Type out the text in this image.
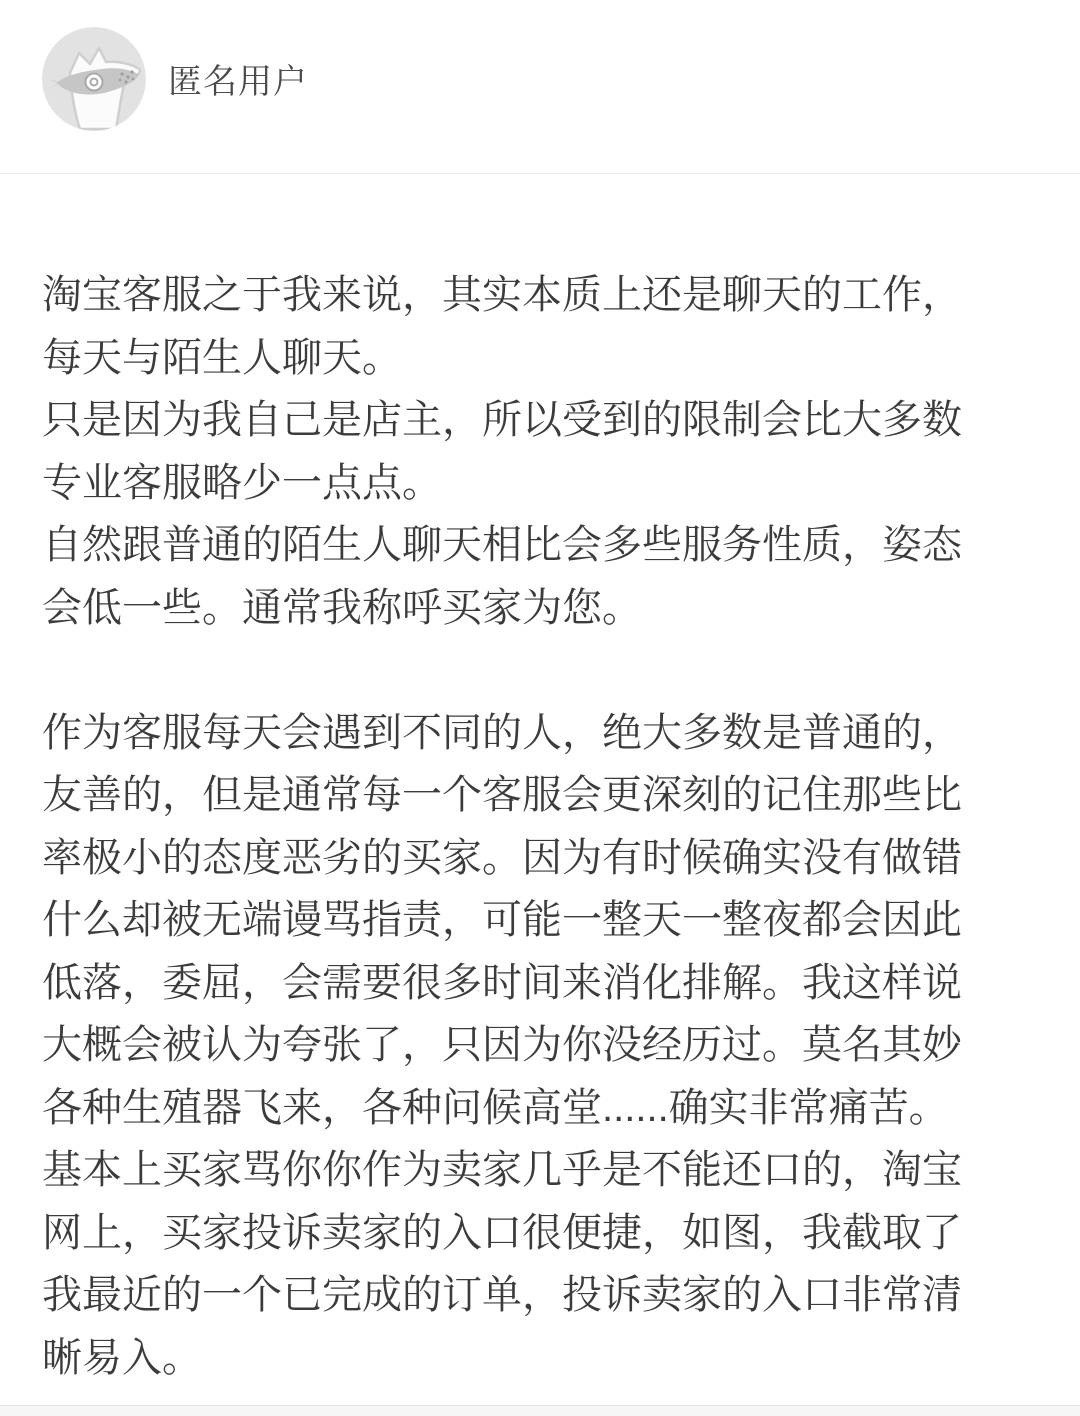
匿名用户

淘宝客服之于我来说，其实本质上还是聊天的工作，每天与陌生人聊天。

只是因为我自己是店主，所以受到的限制会比大多数专业客服略少一点点。

自然跟普通的陌生人聊天相比会多些服务性质，姿态会低一些。通常我称呼买家为您。

作为客服每天会遇到不同的人，绝大多数是普通的，友善的，但是通常每一个客服会更深刻的记住那些比率极小的态度恶劣的买家。因为有时候确实没有做错什么却被无端谩骂指责，可能一整天一整夜都会因此低落，委屈，会需要很多时间来消化排解。我这样说大概会被认为夸张了，只因为你没经历过。莫名其妙各种生殖器飞来，各种问候高堂......确实非常痛苦。基本上买家骂你你作为卖家几乎是不能还口的，淘宝网上，买家投诉卖家的入口很便捷，如图，我截取了我最近的一个已完成的订单，投诉卖家的入口非常清晰易入。
